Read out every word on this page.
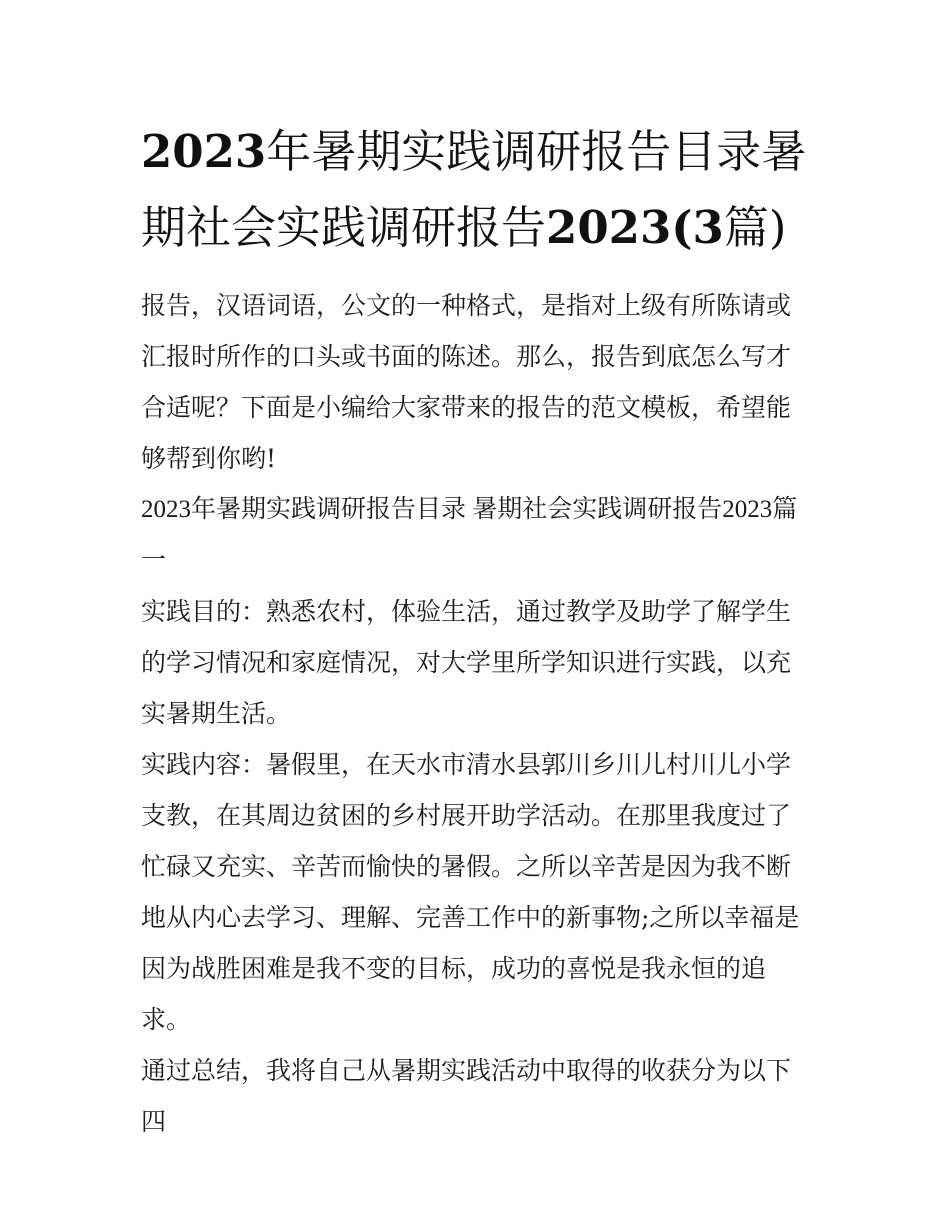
2023年暑期实践调研报告目录暑期社会实践调研报告2023(3篇)

报告，汉语词语，公文的一种格式，是指对上级有所陈请或汇报时所作的口头或书面的陈述。那么，报告到底怎么写才合适呢？下面是小编给大家带来的报告的范文模板，希望能够帮到你哟!

2023年暑期实践调研报告目录 暑期社会实践调研报告2023篇一

实践目的：熟悉农村，体验生活，通过教学及助学了解学生的学习情况和家庭情况，对大学里所学知识进行实践，以充实暑期生活。

实践内容：暑假里，在天水市清水县郭川乡川儿村川儿小学支教，在其周边贫困的乡村展开助学活动。在那里我度过了忙碌又充实、辛苦而愉快的暑假。之所以辛苦是因为我不断地从内心去学习、理解、完善工作中的新事物;之所以幸福是因为战胜困难是我不变的目标，成功的喜悦是我永恒的追求。

通过总结，我将自己从暑期实践活动中取得的收获分为以下四
